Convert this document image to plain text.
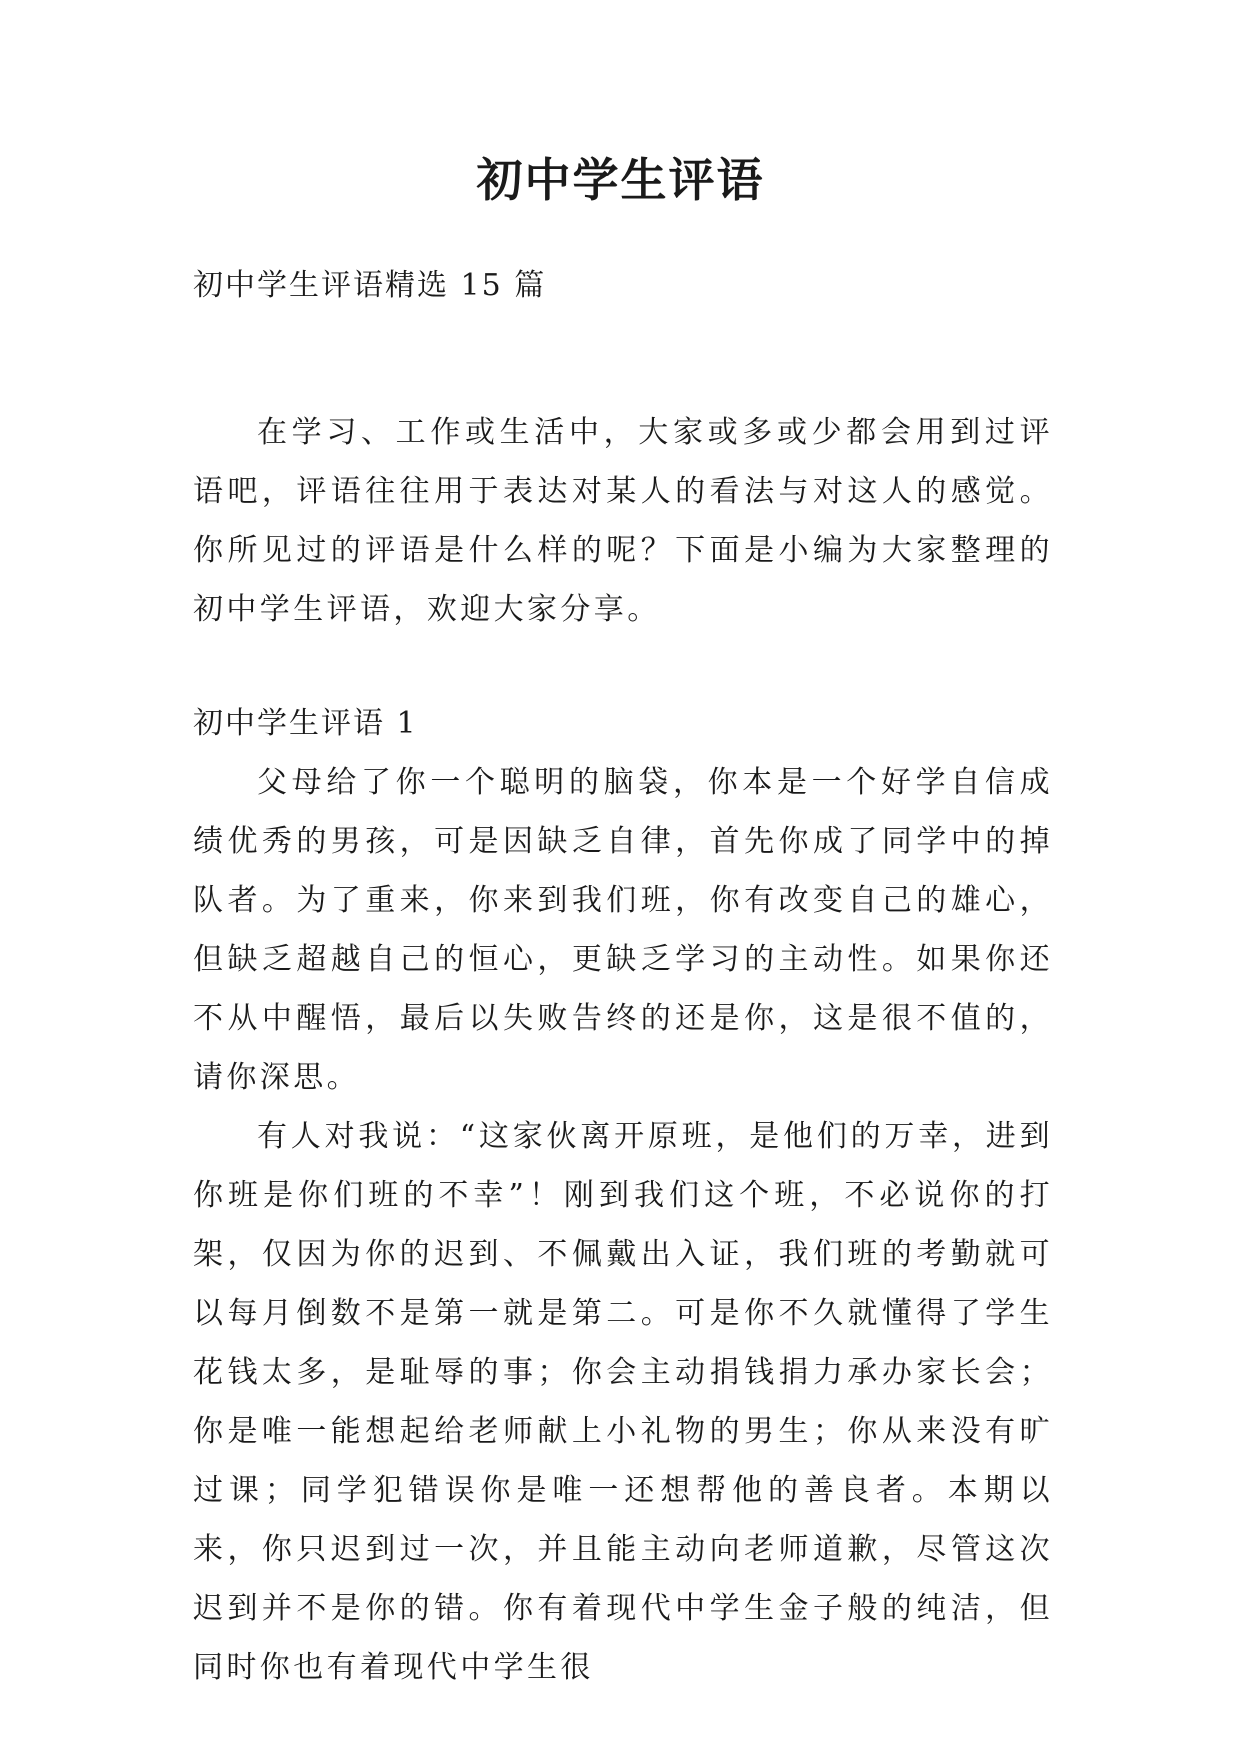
初中学生评语
初中学生评语精选 15 篇

在学习、工作或生活中，大家或多或少都会用到过评语吧，评语往往用于表达对某人的看法与对这人的感觉。你所见过的评语是什么样的呢？下面是小编为大家整理的初中学生评语，欢迎大家分享。

初中学生评语 1

父母给了你一个聪明的脑袋，你本是一个好学自信成绩优秀的男孩，可是因缺乏自律，首先你成了同学中的掉队者。为了重来，你来到我们班，你有改变自己的雄心，但缺乏超越自己的恒心，更缺乏学习的主动性。如果你还不从中醒悟，最后以失败告终的还是你，这是很不值的，请你深思。

有人对我说：“这家伙离开原班，是他们的万幸，进到你班是你们班的不幸”！刚到我们这个班，不必说你的打架，仅因为你的迟到、不佩戴出入证，我们班的考勤就可以每月倒数不是第一就是第二。可是你不久就懂得了学生花钱太多，是耻辱的事；你会主动捐钱捐力承办家长会；你是唯一能想起给老师献上小礼物的男生；你从来没有旷过课；同学犯错误你是唯一还想帮他的善良者。本期以来，你只迟到过一次，并且能主动向老师道歉，尽管这次迟到并不是你的错。你有着现代中学生金子般的纯洁，但同时你也有着现代中学生很
